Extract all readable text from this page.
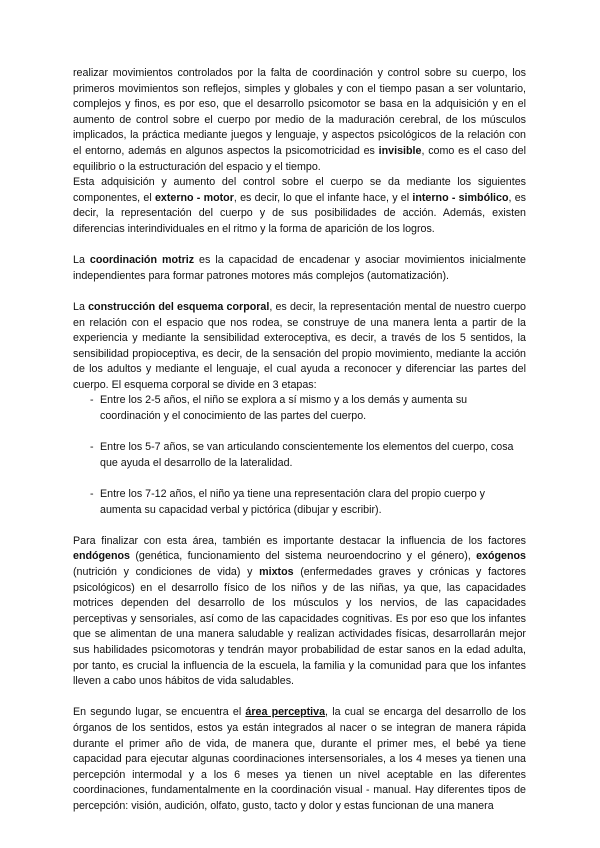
realizar movimientos controlados por la falta de coordinación y control sobre su cuerpo, los primeros movimientos son reflejos, simples y globales y con el tiempo pasan a ser voluntario, complejos y finos, es por eso, que el desarrollo psicomotor se basa en la adquisición y en el aumento de control sobre el cuerpo por medio de la maduración cerebral, de los músculos implicados, la práctica mediante juegos y lenguaje, y aspectos psicológicos de la relación con el entorno, además en algunos aspectos la psicomotricidad es invisible, como es el caso del equilibrio o la estructuración del espacio y el tiempo.

Esta adquisición y aumento del control sobre el cuerpo se da mediante los siguientes componentes, el externo - motor, es decir, lo que el infante hace, y el interno - simbólico, es decir, la representación del cuerpo y de sus posibilidades de acción. Además, existen diferencias interindividuales en el ritmo y la forma de aparición de los logros.

La coordinación motriz es la capacidad de encadenar y asociar movimientos inicialmente independientes para formar patrones motores más complejos (automatización).

La construcción del esquema corporal, es decir, la representación mental de nuestro cuerpo en relación con el espacio que nos rodea, se construye de una manera lenta a partir de la experiencia y mediante la sensibilidad exteroceptiva, es decir, a través de los 5 sentidos, la sensibilidad propioceptiva, es decir, de la sensación del propio movimiento, mediante la acción de los adultos y mediante el lenguaje, el cual ayuda a reconocer y diferenciar las partes del cuerpo. El esquema corporal se divide en 3 etapas:

- Entre los 2-5 años, el niño se explora a sí mismo y a los demás y aumenta su coordinación y el conocimiento de las partes del cuerpo.
- Entre los 5-7 años, se van articulando conscientemente los elementos del cuerpo, cosa que ayuda el desarrollo de la lateralidad.
- Entre los 7-12 años, el niño ya tiene una representación clara del propio cuerpo y aumenta su capacidad verbal y pictórica (dibujar y escribir).

Para finalizar con esta área, también es importante destacar la influencia de los factores endógenos (genética, funcionamiento del sistema neuroendocrino y el género), exógenos (nutrición y condiciones de vida) y mixtos (enfermedades graves y crónicas y factores psicológicos) en el desarrollo físico de los niños y de las niñas, ya que, las capacidades motrices dependen del desarrollo de los músculos y los nervios, de las capacidades perceptivas y sensoriales, así como de las capacidades cognitivas. Es por eso que los infantes que se alimentan de una manera saludable y realizan actividades físicas, desarrollarán mejor sus habilidades psicomotoras y tendrán mayor probabilidad de estar sanos en la edad adulta, por tanto, es crucial la influencia de la escuela, la familia y la comunidad para que los infantes lleven a cabo unos hábitos de vida saludables.

En segundo lugar, se encuentra el área perceptiva, la cual se encarga del desarrollo de los órganos de los sentidos, estos ya están integrados al nacer o se integran de manera rápida durante el primer año de vida, de manera que, durante el primer mes, el bebé ya tiene capacidad para ejecutar algunas coordinaciones intersensoriales, a los 4 meses ya tienen una percepción intermodal y a los 6 meses ya tienen un nivel aceptable en las diferentes coordinaciones, fundamentalmente en la coordinación visual - manual. Hay diferentes tipos de percepción: visión, audición, olfato, gusto, tacto y dolor y estas funcionan de una manera
